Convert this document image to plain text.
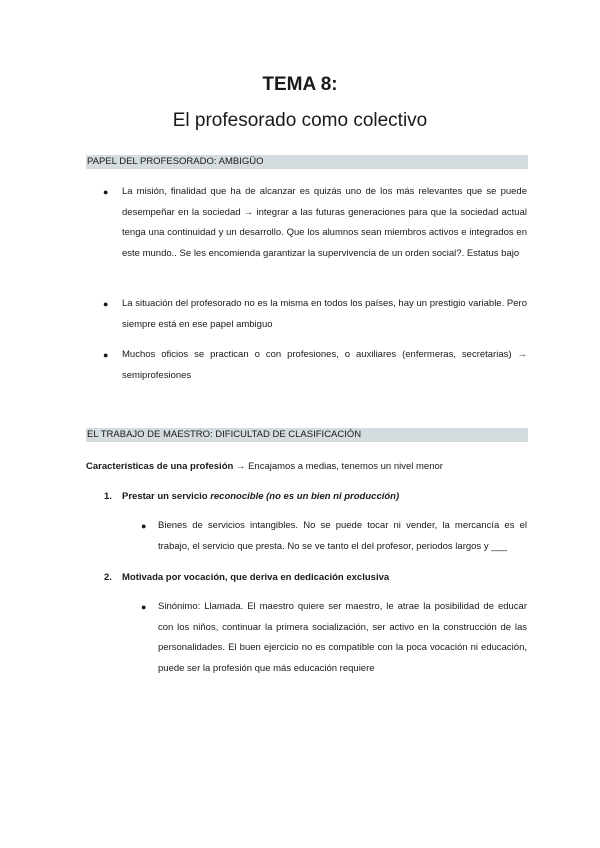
TEMA 8:
El profesorado como colectivo
PAPEL DEL PROFESORADO: AMBIGÜO
● La misión, finalidad que ha de alcanzar es quizás uno de los más relevantes que se puede desempeñar en la sociedad → integrar a las futuras generaciones para que la sociedad actual tenga una continuidad y un desarrollo. Que los alumnos sean miembros activos e integrados en este mundo.. Se les encomienda garantizar la supervivencia de un orden social?. Estatus bajo
● La situación del profesorado no es la misma en todos los países, hay un prestigio variable. Pero siempre está en ese papel ambiguo
● Muchos oficios se practican o con profesiones, o auxiliares (enfermeras, secretarias) → semiprofesiones
EL TRABAJO DE MAESTRO: DIFICULTAD DE CLASIFICACIÓN
Características de una profesión → Encajamos a medias, tenemos un nivel menor
1. Prestar un servicio reconocible (no es un bien ni producción)
● Bienes de servicios intangibles. No se puede tocar ni vender, la mercancía es el trabajo, el servicio que presta. No se ve tanto el del profesor, periodos largos y ___
2. Motivada por vocación, que deriva en dedicación exclusiva
● Sinónimo: Llamada. El maestro quiere ser maestro, le atrae la posibilidad de educar con los niños, continuar la primera socialización, ser activo en la construcción de las personalidades. El buen ejercicio no es compatible con la poca vocación ni educación, puede ser la profesión que más educación requiere
